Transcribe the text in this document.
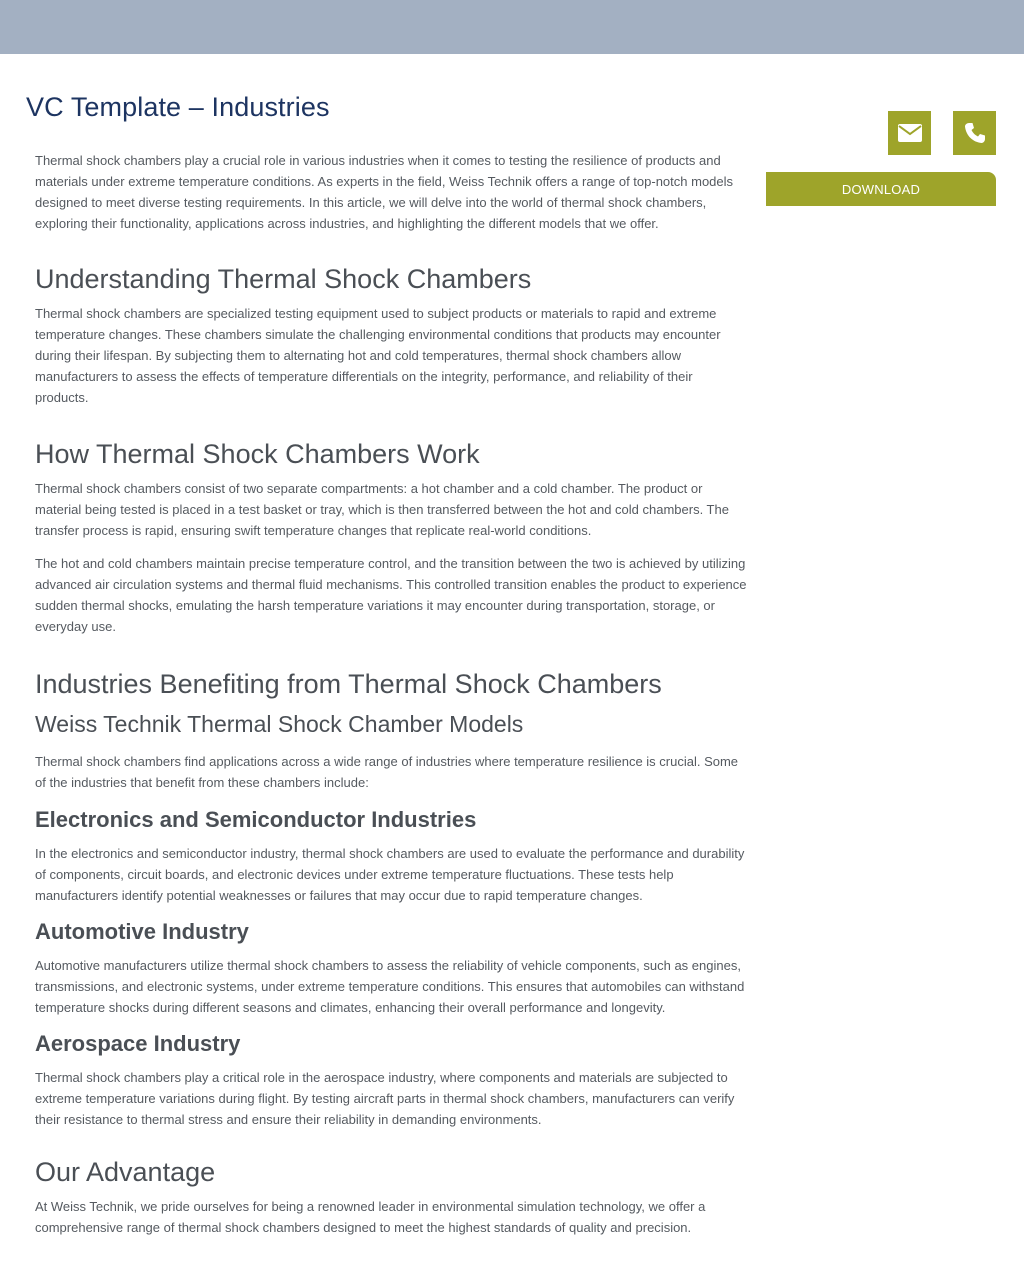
VC Template – Industries
DOWNLOAD

Thermal shock chambers play a crucial role in various industries when it comes to testing the resilience of products and materials under extreme temperature conditions. As experts in the field, Weiss Technik offers a range of top-notch models designed to meet diverse testing requirements. In this article, we will delve into the world of thermal shock chambers, exploring their functionality, applications across industries, and highlighting the different models that we offer.

Understanding Thermal Shock Chambers

Thermal shock chambers are specialized testing equipment used to subject products or materials to rapid and extreme temperature changes. These chambers simulate the challenging environmental conditions that products may encounter during their lifespan. By subjecting them to alternating hot and cold temperatures, thermal shock chambers allow manufacturers to assess the effects of temperature differentials on the integrity, performance, and reliability of their products.

How Thermal Shock Chambers Work

Thermal shock chambers consist of two separate compartments: a hot chamber and a cold chamber. The product or material being tested is placed in a test basket or tray, which is then transferred between the hot and cold chambers. The transfer process is rapid, ensuring swift temperature changes that replicate real-world conditions.

The hot and cold chambers maintain precise temperature control, and the transition between the two is achieved by utilizing advanced air circulation systems and thermal fluid mechanisms. This controlled transition enables the product to experience sudden thermal shocks, emulating the harsh temperature variations it may encounter during transportation, storage, or everyday use.

Industries Benefiting from Thermal Shock Chambers
Weiss Technik Thermal Shock Chamber Models

Thermal shock chambers find applications across a wide range of industries where temperature resilience is crucial. Some of the industries that benefit from these chambers include:

Electronics and Semiconductor Industries

In the electronics and semiconductor industry, thermal shock chambers are used to evaluate the performance and durability of components, circuit boards, and electronic devices under extreme temperature fluctuations. These tests help manufacturers identify potential weaknesses or failures that may occur due to rapid temperature changes.

Automotive Industry

Automotive manufacturers utilize thermal shock chambers to assess the reliability of vehicle components, such as engines, transmissions, and electronic systems, under extreme temperature conditions. This ensures that automobiles can withstand temperature shocks during different seasons and climates, enhancing their overall performance and longevity.

Aerospace Industry

Thermal shock chambers play a critical role in the aerospace industry, where components and materials are subjected to extreme temperature variations during flight. By testing aircraft parts in thermal shock chambers, manufacturers can verify their resistance to thermal stress and ensure their reliability in demanding environments.

Our Advantage

At Weiss Technik, we pride ourselves for being a renowned leader in environmental simulation technology, we offer a comprehensive range of thermal shock chambers designed to meet the highest standards of quality and precision.
